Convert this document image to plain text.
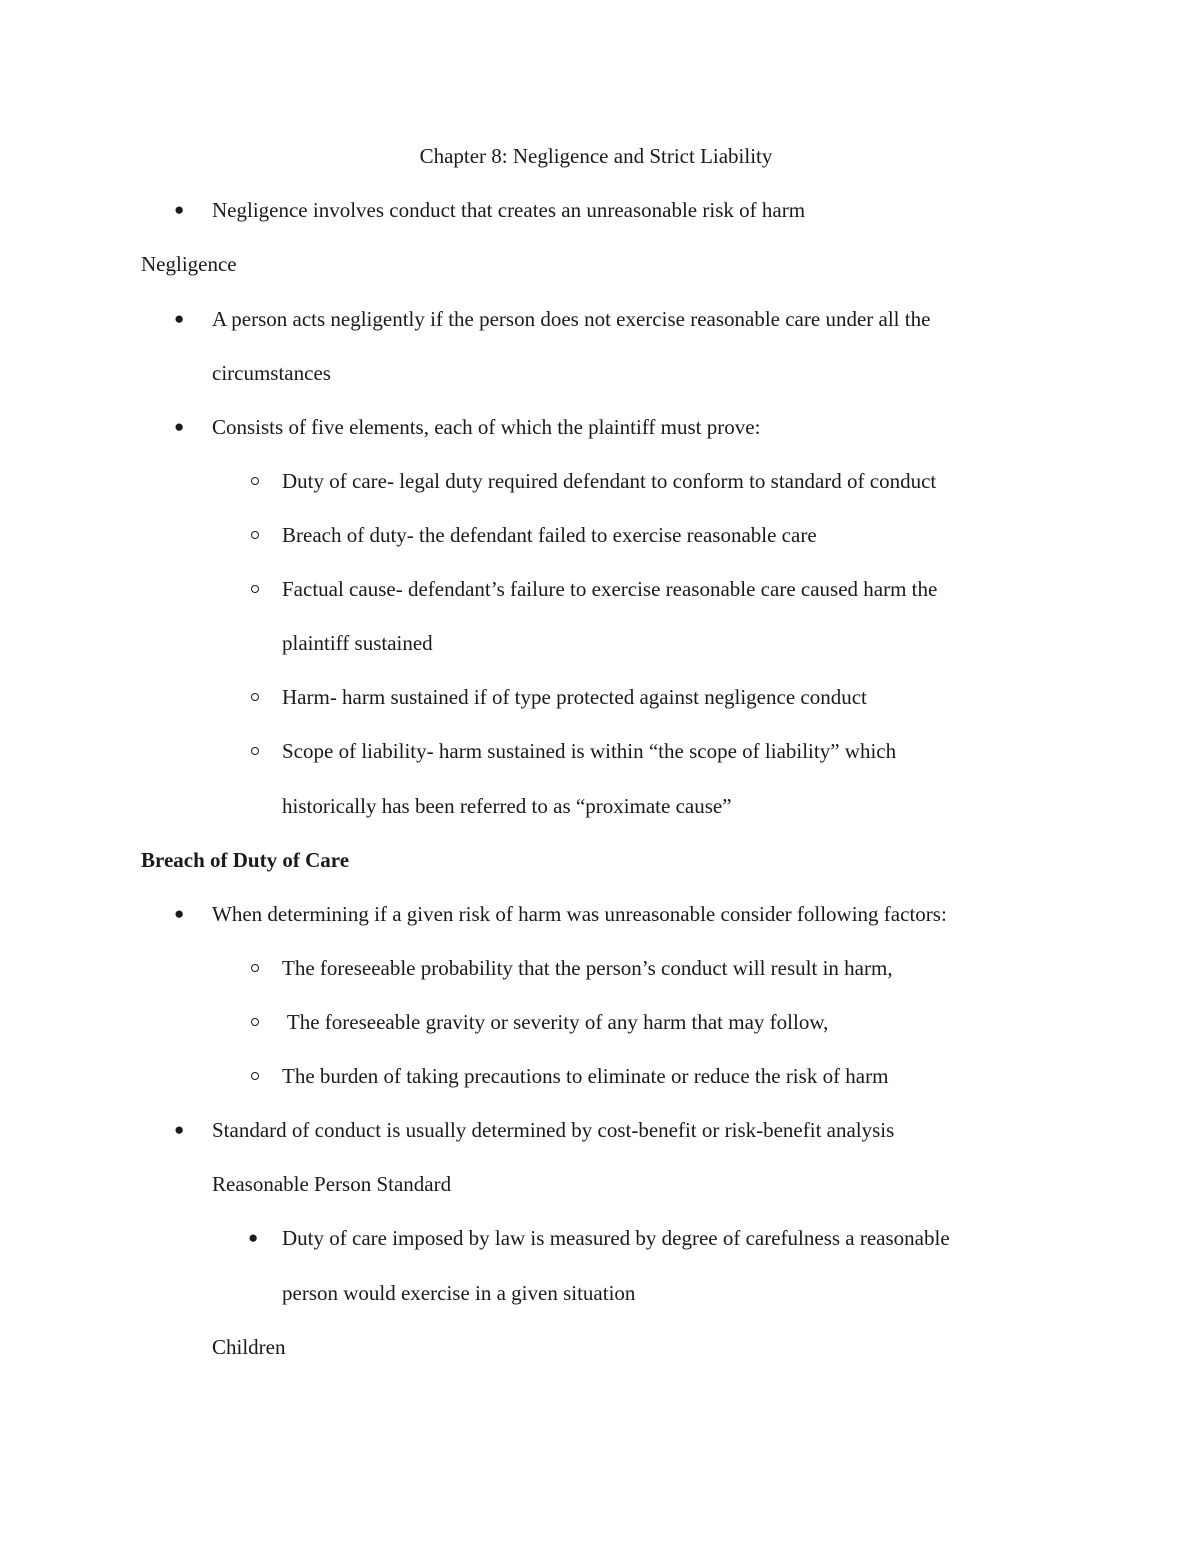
Chapter 8: Negligence and Strict Liability
● Negligence involves conduct that creates an unreasonable risk of harm
Negligence
● A person acts negligently if the person does not exercise reasonable care under all the
circumstances
● Consists of five elements, each of which the plaintiff must prove:
Duty of care- legal duty required defendant to conform to standard of conduct
Breach of duty- the defendant failed to exercise reasonable care
Factual cause- defendant’s failure to exercise reasonable care caused harm the
plaintiff sustained
Harm- harm sustained if of type protected against negligence conduct
Scope of liability- harm sustained is within “the scope of liability” which
historically has been referred to as “proximate cause”
Breach of Duty of Care
● When determining if a given risk of harm was unreasonable consider following factors:
The foreseeable probability that the person’s conduct will result in harm,
The foreseeable gravity or severity of any harm that may follow,
The burden of taking precautions to eliminate or reduce the risk of harm
● Standard of conduct is usually determined by cost-benefit or risk-benefit analysis
Reasonable Person Standard
● Duty of care imposed by law is measured by degree of carefulness a reasonable
person would exercise in a given situation
Children
